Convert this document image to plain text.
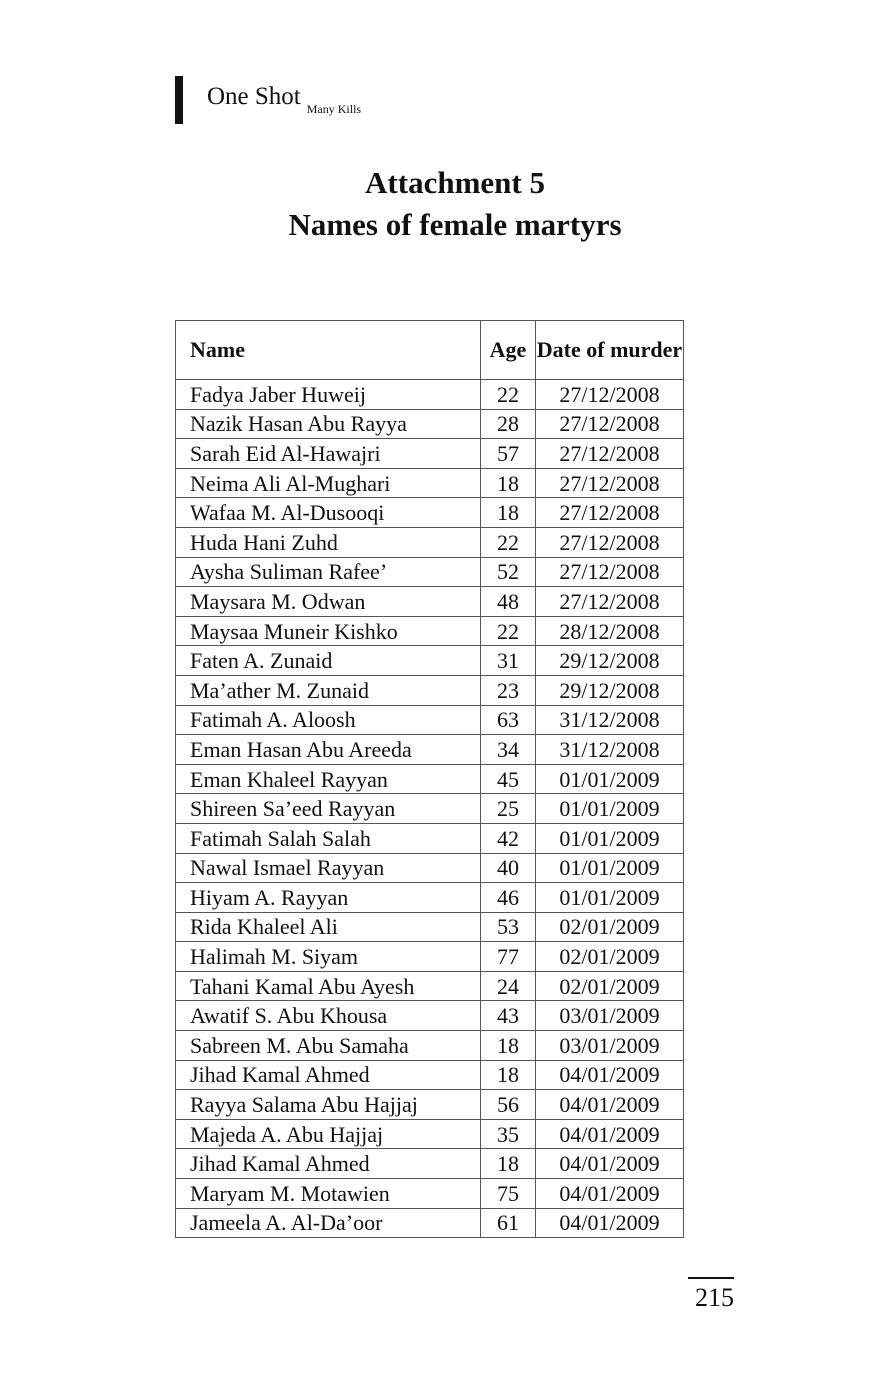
One Shot Many Kills
Attachment 5
Names of female martyrs
Name	Age	Date of murder
Fadya Jaber Huweij	22	27/12/2008
Nazik Hasan Abu Rayya	28	27/12/2008
Sarah Eid Al-Hawajri	57	27/12/2008
Neima Ali Al-Mughari	18	27/12/2008
Wafaa M. Al-Dusooqi	18	27/12/2008
Huda Hani Zuhd	22	27/12/2008
Aysha Suliman Rafee’	52	27/12/2008
Maysara M. Odwan	48	27/12/2008
Maysaa Muneir Kishko	22	28/12/2008
Faten A. Zunaid	31	29/12/2008
Ma’ather M. Zunaid	23	29/12/2008
Fatimah A. Aloosh	63	31/12/2008
Eman Hasan Abu Areeda	34	31/12/2008
Eman Khaleel Rayyan	45	01/01/2009
Shireen Sa’eed Rayyan	25	01/01/2009
Fatimah Salah Salah	42	01/01/2009
Nawal Ismael Rayyan	40	01/01/2009
Hiyam A. Rayyan	46	01/01/2009
Rida Khaleel Ali	53	02/01/2009
Halimah M. Siyam	77	02/01/2009
Tahani Kamal Abu Ayesh	24	02/01/2009
Awatif S. Abu Khousa	43	03/01/2009
Sabreen M. Abu Samaha	18	03/01/2009
Jihad Kamal Ahmed	18	04/01/2009
Rayya Salama Abu Hajjaj	56	04/01/2009
Majeda A. Abu Hajjaj	35	04/01/2009
Jihad Kamal Ahmed	18	04/01/2009
Maryam M. Motawien	75	04/01/2009
Jameela A. Al-Da’oor	61	04/01/2009
215
